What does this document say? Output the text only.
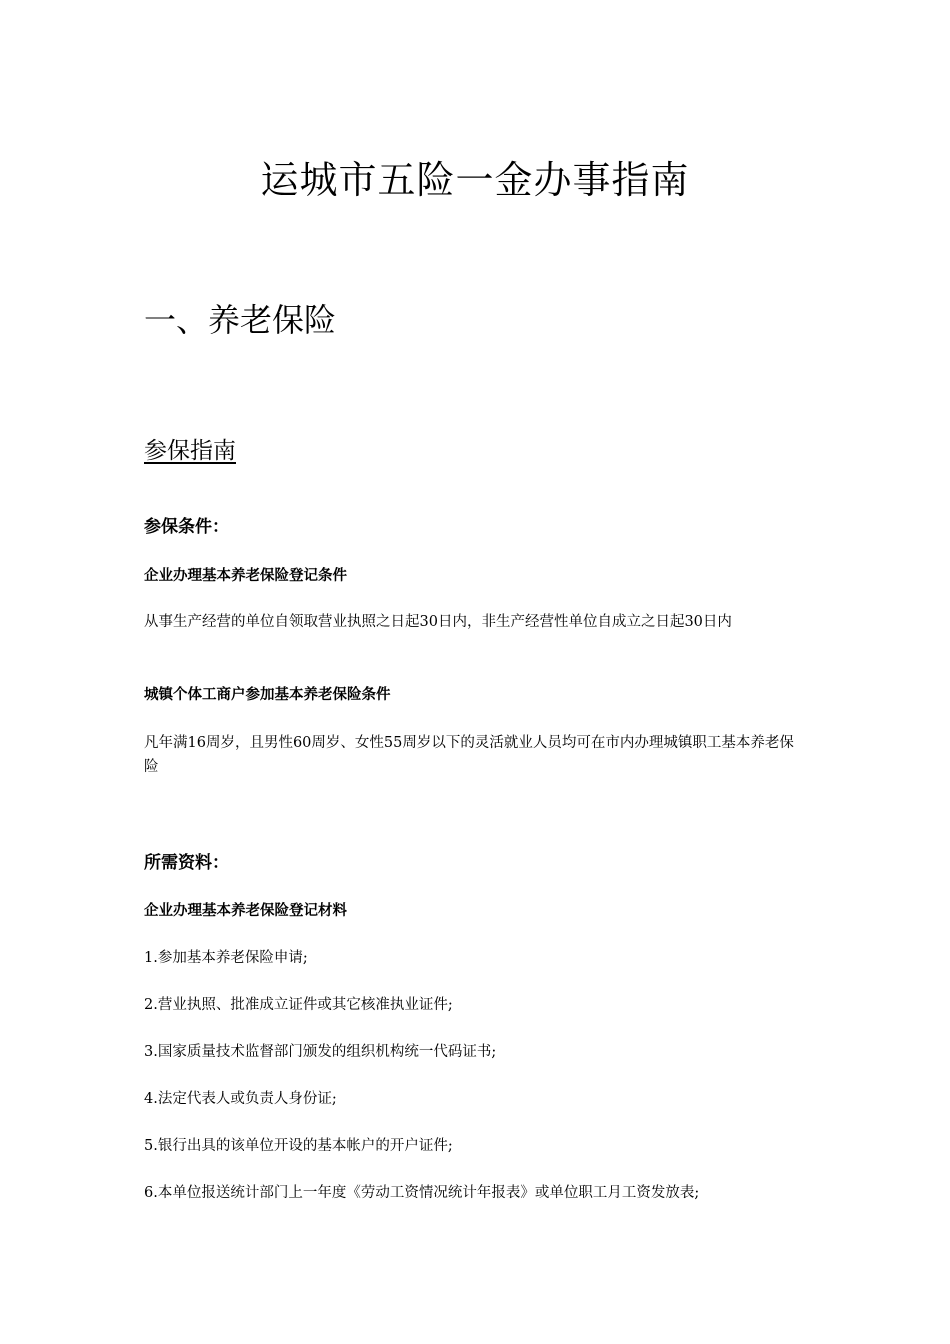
运城市五险一金办事指南
一、养老保险
参保指南

参保条件：

企业办理基本养老保险登记条件

从事生产经营的单位自领取营业执照之日起30日内，非生产经营性单位自成立之日起30日内

城镇个体工商户参加基本养老保险条件

凡年满16周岁，且男性60周岁、女性55周岁以下的灵活就业人员均可在市内办理城镇职工基本养老保险

所需资料：

企业办理基本养老保险登记材料

1.参加基本养老保险申请;

2.营业执照、批准成立证件或其它核准执业证件;

3.国家质量技术监督部门颁发的组织机构统一代码证书;

4.法定代表人或负责人身份证;

5.银行出具的该单位开设的基本帐户的开户证件;

6.本单位报送统计部门上一年度《劳动工资情况统计年报表》或单位职工月工资发放表;
